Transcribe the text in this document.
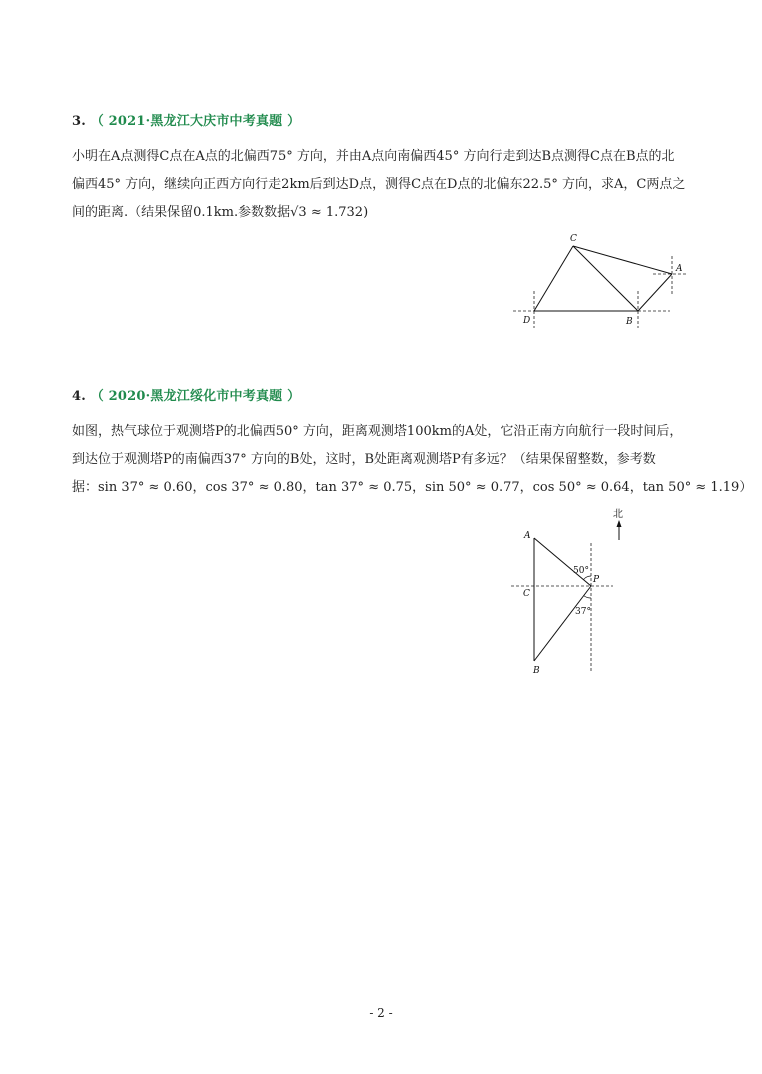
3. （ 2021·黑龙江大庆市中考真题 ）
小明在A点测得C点在A点的北偏西75° 方向，并由A点向南偏西45° 方向行走到达B点测得C点在B点的北
偏西45° 方向，继续向正西方向行走2km后到达D点，测得C点在D点的北偏东22.5° 方向，求A，C两点之
间的距离.（结果保留0.1km.参数数据√3 ≈ 1.732)
C
A
D	B
4. （ 2020·黑龙江绥化市中考真题 ）
如图，热气球位于观测塔P的北偏西50° 方向，距离观测塔100km的A处，它沿正南方向航行一段时间后，
到达位于观测塔P的南偏西37° 方向的B处，这时，B处距离观测塔P有多远？（结果保留整数，参考数
据：sin 37° ≈ 0.60，cos 37° ≈ 0.80，tan 37° ≈ 0.75，sin 50° ≈ 0.77，cos 50° ≈ 0.64，tan 50° ≈ 1.19）
北
A
C
P
B
50°
37°
- 2 -
